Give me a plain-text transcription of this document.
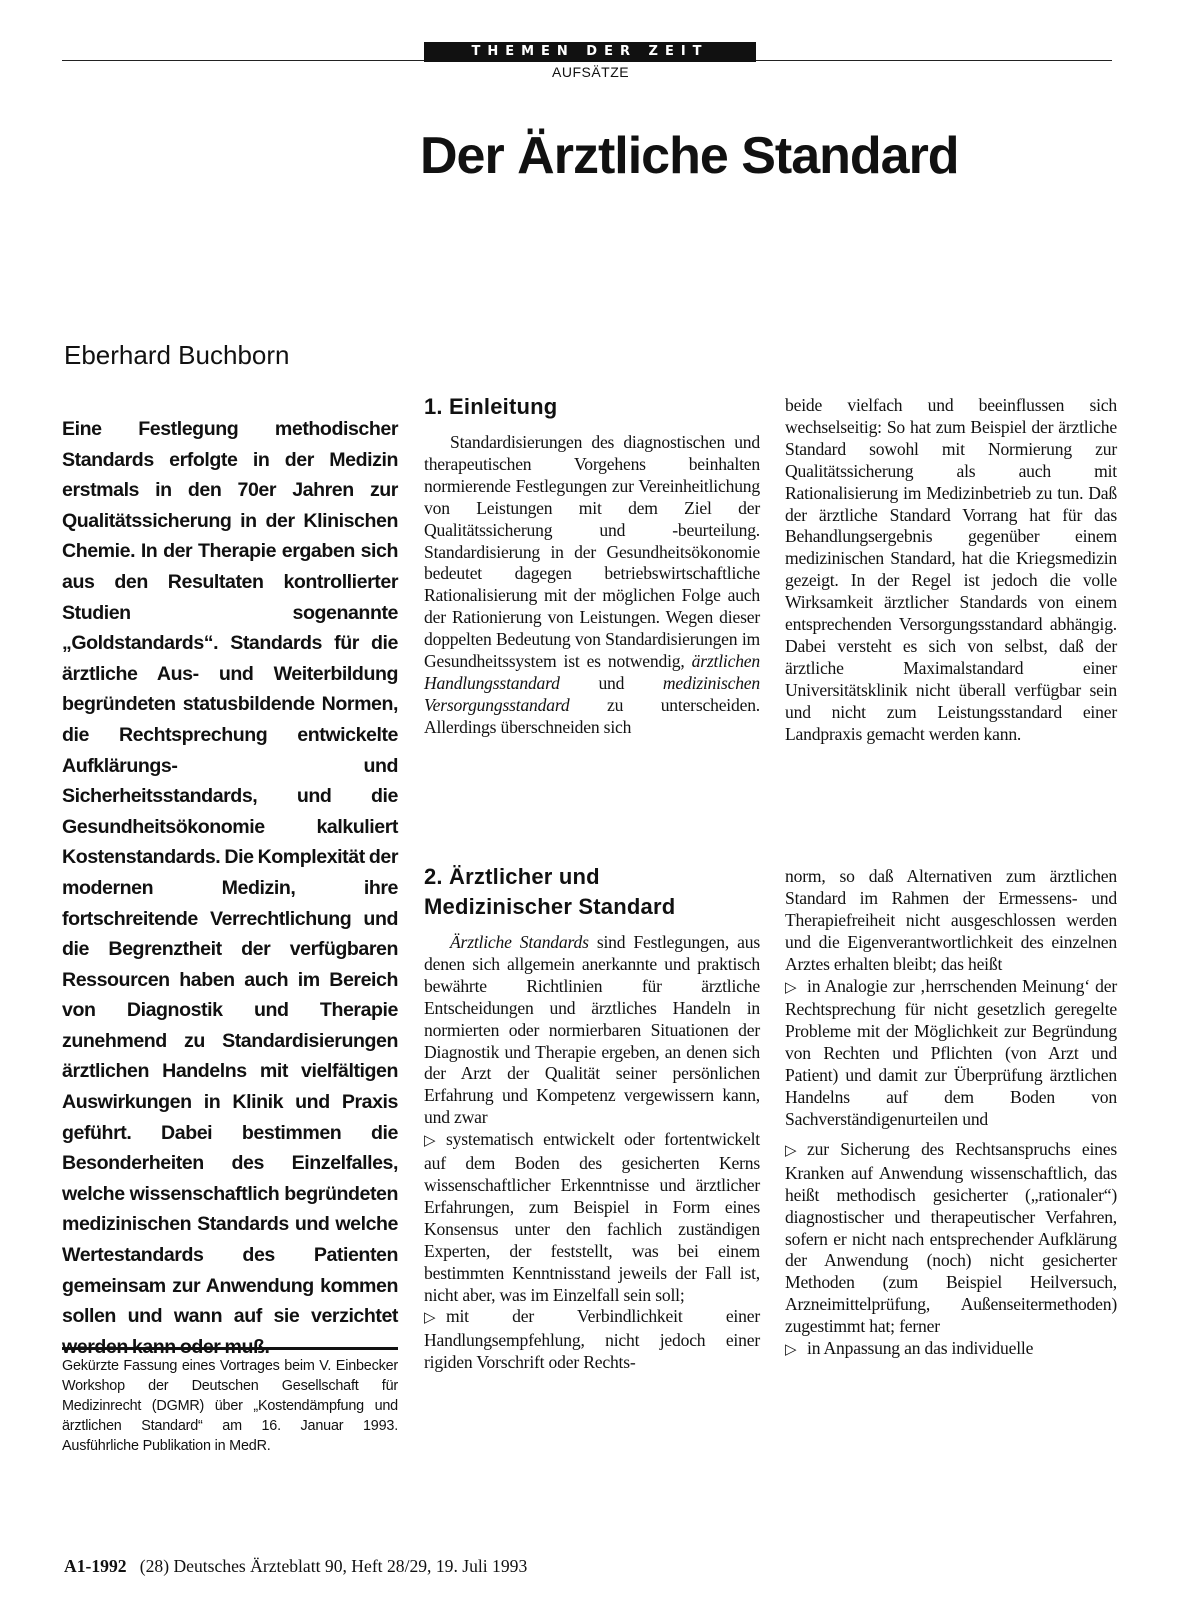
THEMEN DER ZEIT
AUFSÄTZE
Der Ärztliche Standard
Eberhard Buchborn

Eine Festlegung methodischer Standards erfolgte in der Medizin erstmals in den 70er Jahren zur Qualitätssicherung in der Klinischen Chemie. In der Therapie ergaben sich aus den Resultaten kontrollierter Studien sogenannte „Goldstandards“. Standards für die ärztliche Aus- und Weiterbildung begründeten statusbildende Normen, die Rechtsprechung entwickelte Aufklärungs- und Sicherheitsstandards, und die Gesundheitsökonomie kalkuliert Kostenstandards. Die Komplexität der modernen Medizin, ihre fortschreitende Verrechtlichung und die Begrenztheit der verfügbaren Ressourcen haben auch im Bereich von Diagnostik und Therapie zunehmend zu Standardisierungen ärztlichen Handelns mit vielfältigen Auswirkungen in Klinik und Praxis geführt. Dabei bestimmen die Besonderheiten des Einzelfalles, welche wissenschaftlich begründeten medizinischen Standards und welche Wertestandards des Patienten gemeinsam zur Anwendung kommen sollen und wann auf sie verzichtet werden kann oder muß.

Gekürzte Fassung eines Vortrages beim V. Einbecker Workshop der Deutschen Gesellschaft für Medizinrecht (DGMR) über „Kostendämpfung und ärztlichen Standard“ am 16. Januar 1993. Ausführliche Publikation in MedR.

1. Einleitung

Standardisierungen des diagnostischen und therapeutischen Vorgehens beinhalten normierende Festlegungen zur Vereinheitlichung von Leistungen mit dem Ziel der Qualitätssicherung und -beurteilung. Standardisierung in der Gesundheitsökonomie bedeutet dagegen betriebswirtschaftliche Rationalisierung mit der möglichen Folge auch der Rationierung von Leistungen. Wegen dieser doppelten Bedeutung von Standardisierungen im Gesundheitssystem ist es notwendig, ärztlichen Handlungsstandard und medizinischen Versorgungsstandard zu unterscheiden. Allerdings überschneiden sich

beide vielfach und beeinflussen sich wechselseitig: So hat zum Beispiel der ärztliche Standard sowohl mit Normierung zur Qualitätssicherung als auch mit Rationalisierung im Medizinbetrieb zu tun. Daß der ärztliche Standard Vorrang hat für das Behandlungsergebnis gegenüber einem medizinischen Standard, hat die Kriegsmedizin gezeigt. In der Regel ist jedoch die volle Wirksamkeit ärztlicher Standards von einem entsprechenden Versorgungsstandard abhängig. Dabei versteht es sich von selbst, daß der ärztliche Maximalstandard einer Universitätsklinik nicht überall verfügbar sein und nicht zum Leistungsstandard einer Landpraxis gemacht werden kann.

2. Ärztlicher und
Medizinischer Standard

Ärztliche Standards sind Festlegungen, aus denen sich allgemein anerkannte und praktisch bewährte Richtlinien für ärztliche Entscheidungen und ärztliches Handeln in normierten oder normierbaren Situationen der Diagnostik und Therapie ergeben, an denen sich der Arzt der Qualität seiner persönlichen Erfahrung und Kompetenz vergewissern kann, und zwar

▷ systematisch entwickelt oder fortentwickelt auf dem Boden des gesicherten Kerns wissenschaftlicher Erkenntnisse und ärztlicher Erfahrungen, zum Beispiel in Form eines Konsensus unter den fachlich zuständigen Experten, der feststellt, was bei einem bestimmten Kenntnisstand jeweils der Fall ist, nicht aber, was im Einzelfall sein soll;

▷ mit der Verbindlichkeit einer Handlungsempfehlung, nicht jedoch einer rigiden Vorschrift oder Rechts-

norm, so daß Alternativen zum ärztlichen Standard im Rahmen der Ermessens- und Therapiefreiheit nicht ausgeschlossen werden und die Eigenverantwortlichkeit des einzelnen Arztes erhalten bleibt; das heißt

▷ in Analogie zur ‚herrschenden Meinung‘ der Rechtsprechung für nicht gesetzlich geregelte Probleme mit der Möglichkeit zur Begründung von Rechten und Pflichten (von Arzt und Patient) und damit zur Überprüfung ärztlichen Handelns auf dem Boden von Sachverständigenurteilen und

▷ zur Sicherung des Rechtsanspruchs eines Kranken auf Anwendung wissenschaftlich, das heißt methodisch gesicherter („rationaler“) diagnostischer und therapeutischer Verfahren, sofern er nicht nach entsprechender Aufklärung der Anwendung (noch) nicht gesicherter Methoden (zum Beispiel Heilversuch, Arzneimittelprüfung, Außenseitermethoden) zugestimmt hat; ferner

▷ in Anpassung an das individuelle

A1-1992 (28) Deutsches Ärzteblatt 90, Heft 28/29, 19. Juli 1993
